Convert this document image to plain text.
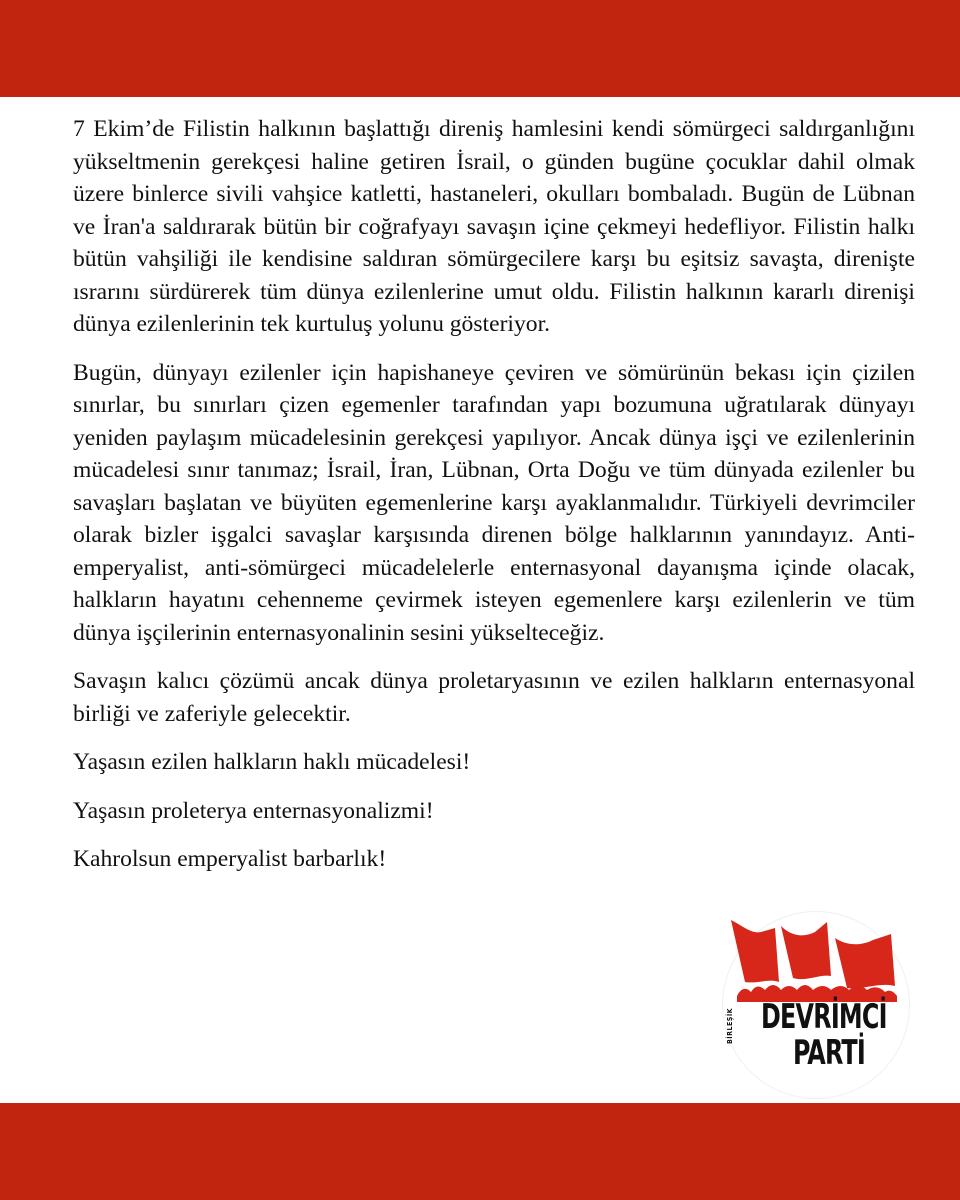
7 Ekim’de Filistin halkının başlattığı direniş hamlesini kendi sömürgeci saldırganlığını yükseltmenin gerekçesi haline getiren İsrail, o günden bugüne çocuklar dahil olmak üzere binlerce sivili vahşice katletti, hastaneleri, okulları bombaladı. Bugün de Lübnan ve İran'a saldırarak bütün bir coğrafyayı savaşın içine çekmeyi hedefliyor. Filistin halkı bütün vahşiliği ile kendisine saldıran sömürgecilere karşı bu eşitsiz savaşta, direnişte ısrarını sürdürerek tüm dünya ezilenlerine umut oldu. Filistin halkının kararlı direnişi dünya ezilenlerinin tek kurtuluş yolunu gösteriyor.

Bugün, dünyayı ezilenler için hapishaneye çeviren ve sömürünün bekası için çizilen sınırlar, bu sınırları çizen egemenler tarafından yapı bozumuna uğratılarak dünyayı yeniden paylaşım mücadelesinin gerekçesi yapılıyor. Ancak dünya işçi ve ezilenlerinin mücadelesi sınır tanımaz; İsrail, İran, Lübnan, Orta Doğu ve tüm dünyada ezilenler bu savaşları başlatan ve büyüten egemenlerine karşı ayaklanmalıdır. Türkiyeli devrimciler olarak bizler işgalci savaşlar karşısında direnen bölge halklarının yanındayız. Anti-emperyalist, anti-sömürgeci mücadelelerle enternasyonal dayanışma içinde olacak, halkların hayatını cehenneme çevirmek isteyen egemenlere karşı ezilenlerin ve tüm dünya işçilerinin enternasyonalinin sesini yükselteceğiz.

Savaşın kalıcı çözümü ancak dünya proletaryasının ve ezilen halkların enternasyonal birliği ve zaferiyle gelecektir.

Yaşasın ezilen halkların haklı mücadelesi!

Yaşasın proleterya enternasyonalizmi!

Kahrolsun emperyalist barbarlık!

BİRLEŞİK DEVRİMCİ
PARTİ
